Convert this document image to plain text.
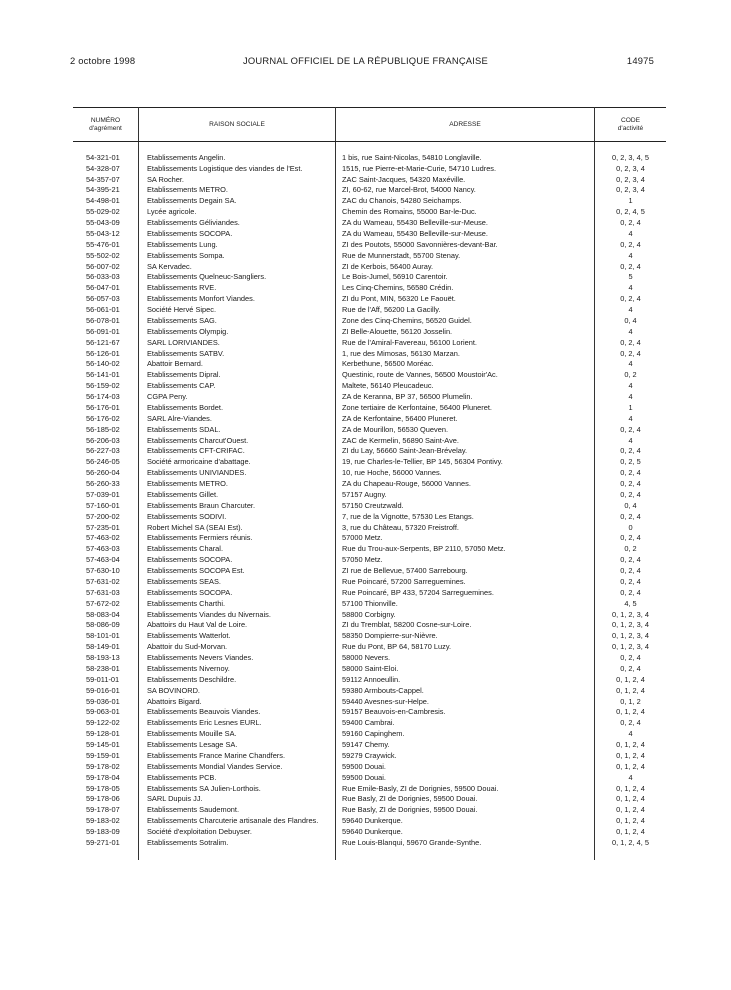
2 octobre 1998	JOURNAL OFFICIEL DE LA RÉPUBLIQUE FRANÇAISE	14975
NUMÉRO
d'agrément	RAISON SOCIALE	ADRESSE	CODE
d'activité

54-321-01	Etablissements Angelin.	1 bis, rue Saint-Nicolas, 54810 Longlaville.	0, 2, 3, 4, 5
54-328-07	Etablissements Logistique des viandes de l'Est.	1515, rue Pierre-et-Marie-Curie, 54710 Ludres.	0, 2, 3, 4
54-357-07	SA Rocher.	ZAC Saint-Jacques, 54320 Maxéville.	0, 2, 3, 4
54-395-21	Etablissements METRO.	ZI, 60-62, rue Marcel-Brot, 54000 Nancy.	0, 2, 3, 4
54-498-01	Etablissements Degain SA.	ZAC du Chanois, 54280 Seichamps.	1
55-029-02	Lycée agricole.	Chemin des Romains, 55000 Bar-le-Duc.	0, 2, 4, 5
55-043-09	Etablissements Géliviandes.	ZA du Wameau, 55430 Belleville-sur-Meuse.	0, 2, 4
55-043-12	Etablissements SOCOPA.	ZA du Wameau, 55430 Belleville-sur-Meuse.	4
55-476-01	Etablissements Lung.	ZI des Poutots, 55000 Savonnières-devant-Bar.	0, 2, 4
55-502-02	Etablissements Sompa.	Rue de Munnerstadt, 55700 Stenay.	4
56-007-02	SA Kervadec.	ZI de Kerbois, 56400 Auray.	0, 2, 4
56-033-03	Etablissements Quelneuc-Sangliers.	Le Bois-Jumel, 56910 Carentoir.	5
56-047-01	Etablissements RVE.	Les Cinq-Chemins, 56580 Crédin.	4
56-057-03	Etablissements Monfort Viandes.	ZI du Pont, MIN, 56320 Le Faouët.	0, 2, 4
56-061-01	Société Hervé Sipec.	Rue de l'Aff, 56200 La Gacilly.	4
56-078-01	Etablissements SAG.	Zone des Cinq-Chemins, 56520 Guidel.	0, 4
56-091-01	Etablissements Olympig.	ZI Belle-Alouette, 56120 Josselin.	4
56-121-67	SARL LORIVIANDES.	Rue de l'Amiral-Favereau, 56100 Lorient.	0, 2, 4
56-126-01	Etablissements SATBV.	1, rue des Mimosas, 56130 Marzan.	0, 2, 4
56-140-02	Abattoir Bernard.	Kerbethune, 56500 Moréac.	4
56-141-01	Etablissements Dipral.	Questinic, route de Vannes, 56500 Moustoir'Ac.	0, 2
56-159-02	Etablissements CAP.	Maltete, 56140 Pleucadeuc.	4
56-174-03	CGPA Peny.	ZA de Keranna, BP 37, 56500 Plumelin.	4
56-176-01	Etablissements Bordet.	Zone tertiaire de Kerfontaine, 56400 Pluneret.	1
56-176-02	SARL Alre-Viandes.	ZA de Kerfontaine, 56400 Pluneret.	4
56-185-02	Etablissements SDAL.	ZA de Mourillon, 56530 Queven.	0, 2, 4
56-206-03	Etablissements Charcut'Ouest.	ZAC de Kermelin, 56890 Saint-Ave.	4
56-227-03	Etablissements CFT-CRIFAC.	ZI du Lay, 56660 Saint-Jean-Brévelay.	0, 2, 4
56-246-05	Société armoricaine d'abattage.	19, rue Charles-le-Tellier, BP 145, 56304 Pontivy.	0, 2, 5
56-260-04	Etablissements UNIVIANDES.	10, rue Hoche, 56000 Vannes.	0, 2, 4
56-260-33	Etablissements METRO.	ZA du Chapeau-Rouge, 56000 Vannes.	0, 2, 4
57-039-01	Etablissements Gillet.	57157 Augny.	0, 2, 4
57-160-01	Etablissements Braun Charcuter.	57150 Creutzwald.	0, 4
57-200-02	Etablissements SODIVI.	7, rue de la Vignotte, 57530 Les Etangs.	0, 2, 4
57-235-01	Robert Michel SA (SEAI Est).	3, rue du Château, 57320 Freistroff.	0
57-463-02	Etablissements Fermiers réunis.	57000 Metz.	0, 2, 4
57-463-03	Etablissements Charal.	Rue du Trou-aux-Serpents, BP 2110, 57050 Metz.	0, 2
57-463-04	Etablissements SOCOPA.	57050 Metz.	0, 2, 4
57-630-10	Etablissements SOCOPA Est.	ZI rue de Bellevue, 57400 Sarrebourg.	0, 2, 4
57-631-02	Etablissements SEAS.	Rue Poincaré, 57200 Sarreguemines.	0, 2, 4
57-631-03	Etablissements SOCOPA.	Rue Poincaré, BP 433, 57204 Sarreguemines.	0, 2, 4
57-672-02	Etablissements Charthi.	57100 Thionville.	4, 5
58-083-04	Etablissements Viandes du Nivernais.	58800 Corbigny.	0, 1, 2, 3, 4
58-086-09	Abattoirs du Haut Val de Loire.	ZI du Tremblat, 58200 Cosne-sur-Loire.	0, 1, 2, 3, 4
58-101-01	Etablissements Watterlot.	58350 Dompierre-sur-Nièvre.	0, 1, 2, 3, 4
58-149-01	Abattoir du Sud-Morvan.	Rue du Pont, BP 64, 58170 Luzy.	0, 1, 2, 3, 4
58-193-13	Etablissements Nevers Viandes.	58000 Nevers.	0, 2, 4
58-238-01	Etablissements Nivernoy.	58000 Saint-Eloi.	0, 2, 4
59-011-01	Etablissements Deschildre.	59112 Annoeullin.	0, 1, 2, 4
59-016-01	SA BOVINORD.	59380 Armbouts-Cappel.	0, 1, 2, 4
59-036-01	Abattoirs Bigard.	59440 Avesnes-sur-Helpe.	0, 1, 2
59-063-01	Etablissements Beauvois Viandes.	59157 Beauvois-en-Cambresis.	0, 1, 2, 4
59-122-02	Etablissements Eric Lesnes EURL.	59400 Cambrai.	0, 2, 4
59-128-01	Etablissements Mouille SA.	59160 Capinghem.	4
59-145-01	Etablissements Lesage SA.	59147 Chemy.	0, 1, 2, 4
59-159-01	Etablissements France Marine Chandfers.	59279 Craywick.	0, 1, 2, 4
59-178-02	Etablissements Mondial Viandes Service.	59500 Douai.	0, 1, 2, 4
59-178-04	Etablissements PCB.	59500 Douai.	4
59-178-05	Etablissements SA Julien-Lorthois.	Rue Emile-Basly, ZI de Dorignies, 59500 Douai.	0, 1, 2, 4
59-178-06	SARL Dupuis JJ.	Rue Basly, ZI de Dorignies, 59500 Douai.	0, 1, 2, 4
59-178-07	Etablissements Saudemont.	Rue Basly, ZI de Dorignies, 59500 Douai.	0, 1, 2, 4
59-183-02	Etablissements Charcuterie artisanale des Flandres.	59640 Dunkerque.	0, 1, 2, 4
59-183-09	Société d'exploitation Debuyser.	59640 Dunkerque.	0, 1, 2, 4
59-271-01	Etablissements Sotralim.	Rue Louis-Blanqui, 59670 Grande-Synthe.	0, 1, 2, 4, 5
